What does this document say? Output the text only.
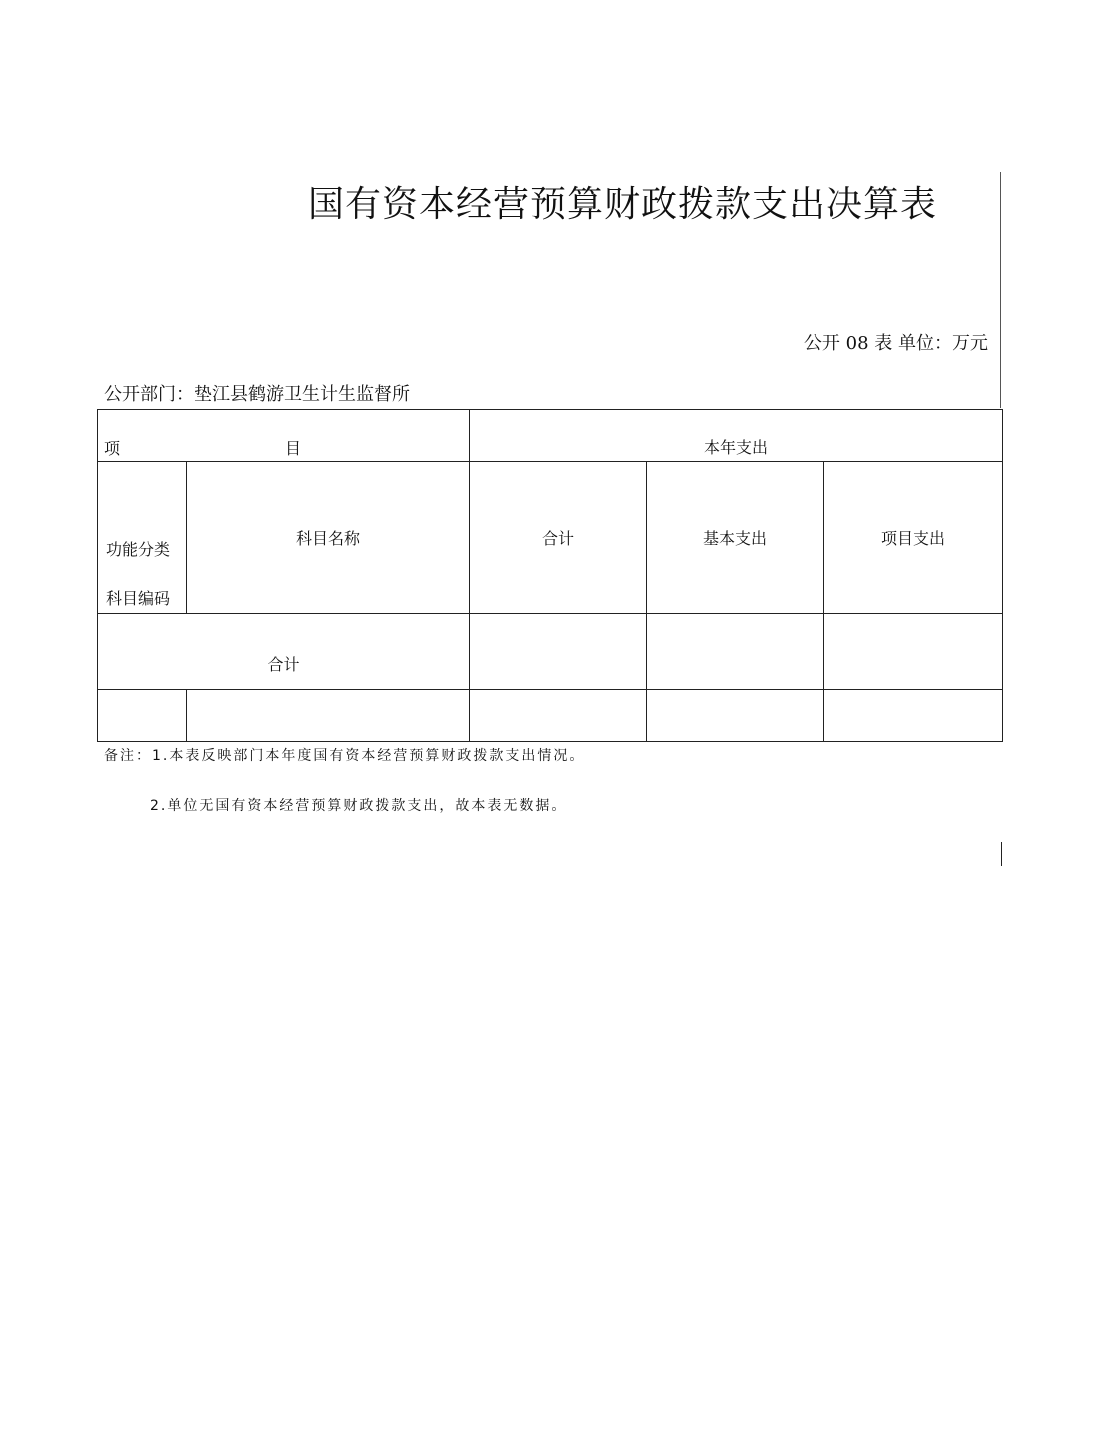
国有资本经营预算财政拨款支出决算表
公开 08 表 单位：万元
公开部门：垫江县鹤游卫生计生监督所
项 目		本年支出		

功能分类
科目编码	科目名称	合计	基本支出	项目支出
合计				

备注：1.本表反映部门本年度国有资本经营预算财政拨款支出情况。
2.单位无国有资本经营预算财政拨款支出，故本表无数据。
